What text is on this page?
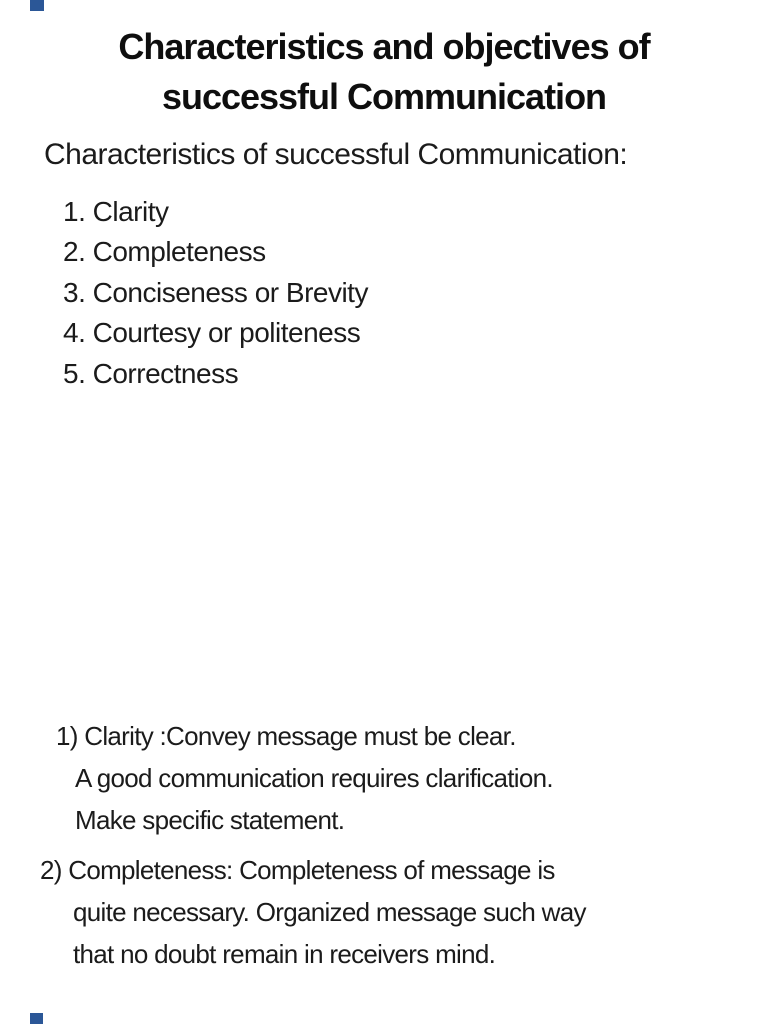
Characteristics and objectives of
successful Communication

Characteristics of successful Communication:

1. Clarity
2. Completeness
3. Conciseness or Brevity
4. Courtesy or politeness
5. Correctness
1) Clarity :Convey message must be clear.
A good communication requires clarification.
Make specific statement.
2) Completeness: Completeness of message is
quite necessary. Organized message such way
that no doubt remain in receivers mind.
